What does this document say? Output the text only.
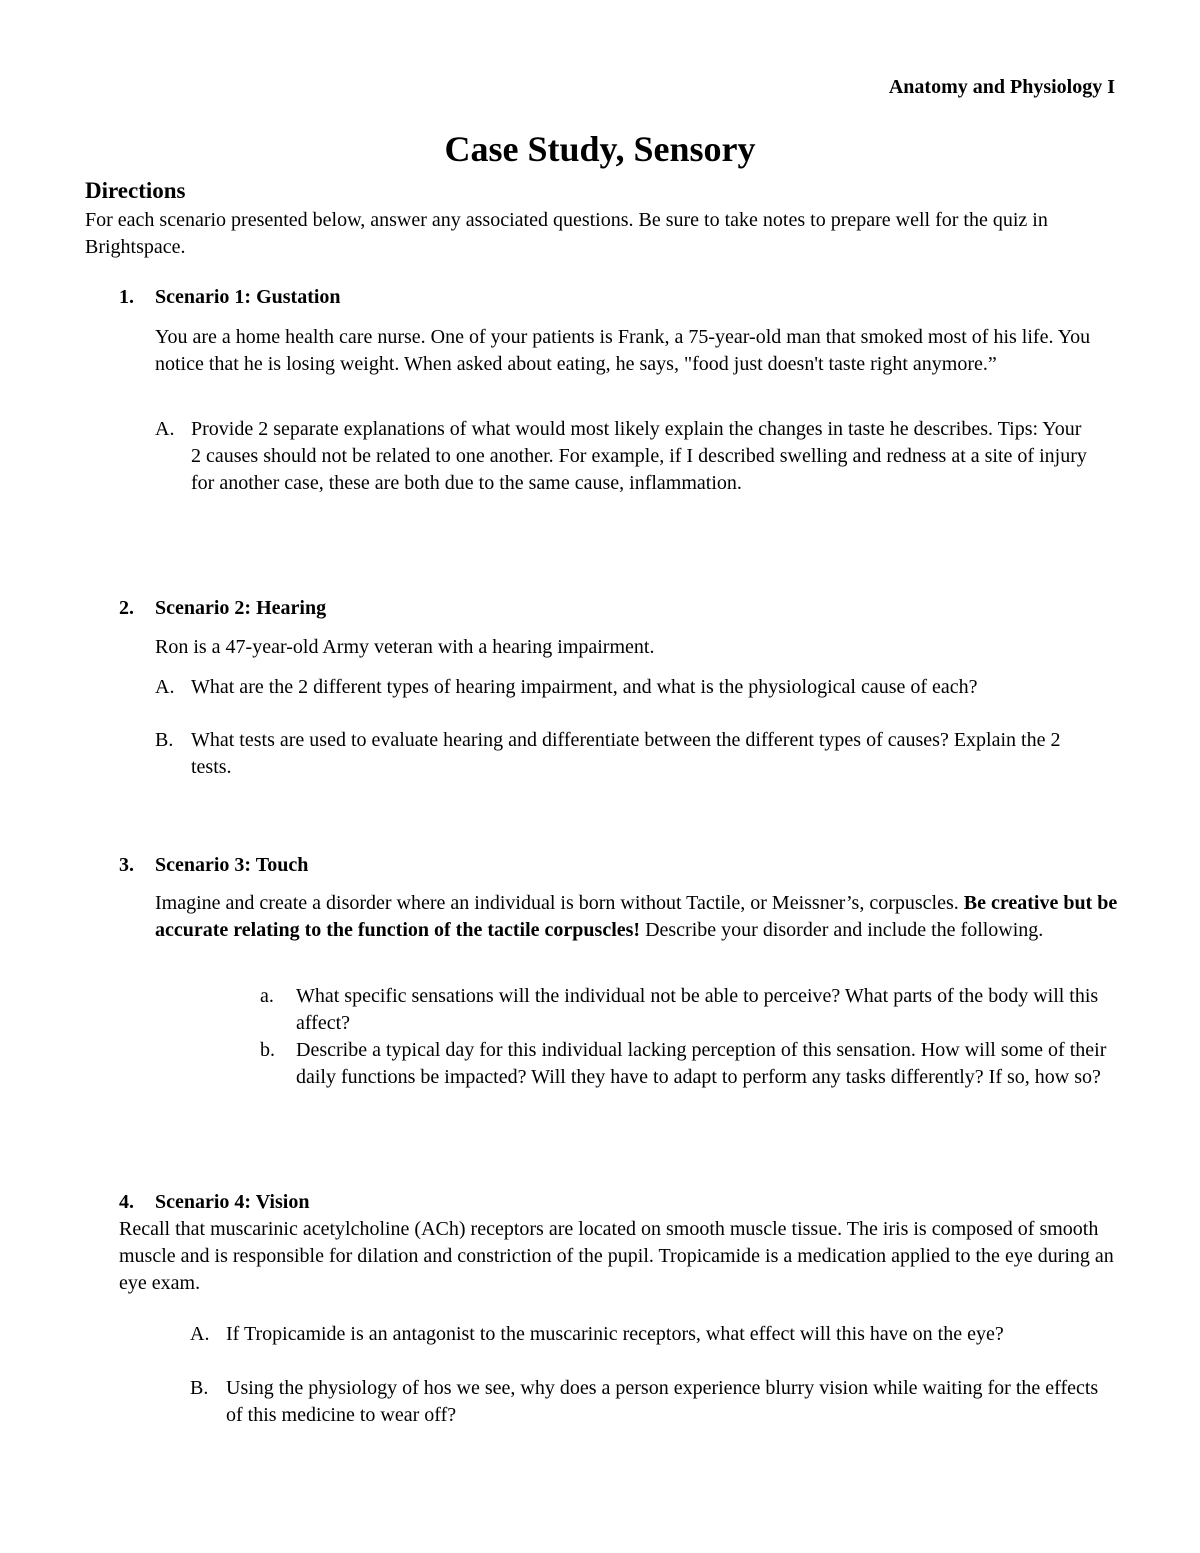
Anatomy and Physiology I
Case Study, Sensory
Directions
For each scenario presented below, answer any associated questions. Be sure to take notes to prepare well for the quiz in Brightspace.
1. Scenario 1: Gustation
You are a home health care nurse. One of your patients is Frank, a 75-year-old man that smoked most of his life. You notice that he is losing weight. When asked about eating, he says, "food just doesn't taste right anymore.”
A. Provide 2 separate explanations of what would most likely explain the changes in taste he describes. Tips: Your 2 causes should not be related to one another. For example, if I described swelling and redness at a site of injury for another case, these are both due to the same cause, inflammation.
2. Scenario 2: Hearing
Ron is a 47-year-old Army veteran with a hearing impairment.
A. What are the 2 different types of hearing impairment, and what is the physiological cause of each?
B. What tests are used to evaluate hearing and differentiate between the different types of causes? Explain the 2 tests.
3. Scenario 3: Touch
Imagine and create a disorder where an individual is born without Tactile, or Meissner’s, corpuscles. Be creative but be accurate relating to the function of the tactile corpuscles! Describe your disorder and include the following.
a. What specific sensations will the individual not be able to perceive? What parts of the body will this affect?
b. Describe a typical day for this individual lacking perception of this sensation. How will some of their daily functions be impacted? Will they have to adapt to perform any tasks differently? If so, how so?
4. Scenario 4: Vision
Recall that muscarinic acetylcholine (ACh) receptors are located on smooth muscle tissue. The iris is composed of smooth muscle and is responsible for dilation and constriction of the pupil. Tropicamide is a medication applied to the eye during an eye exam.
A. If Tropicamide is an antagonist to the muscarinic receptors, what effect will this have on the eye?
B. Using the physiology of hos we see, why does a person experience blurry vision while waiting for the effects of this medicine to wear off?
